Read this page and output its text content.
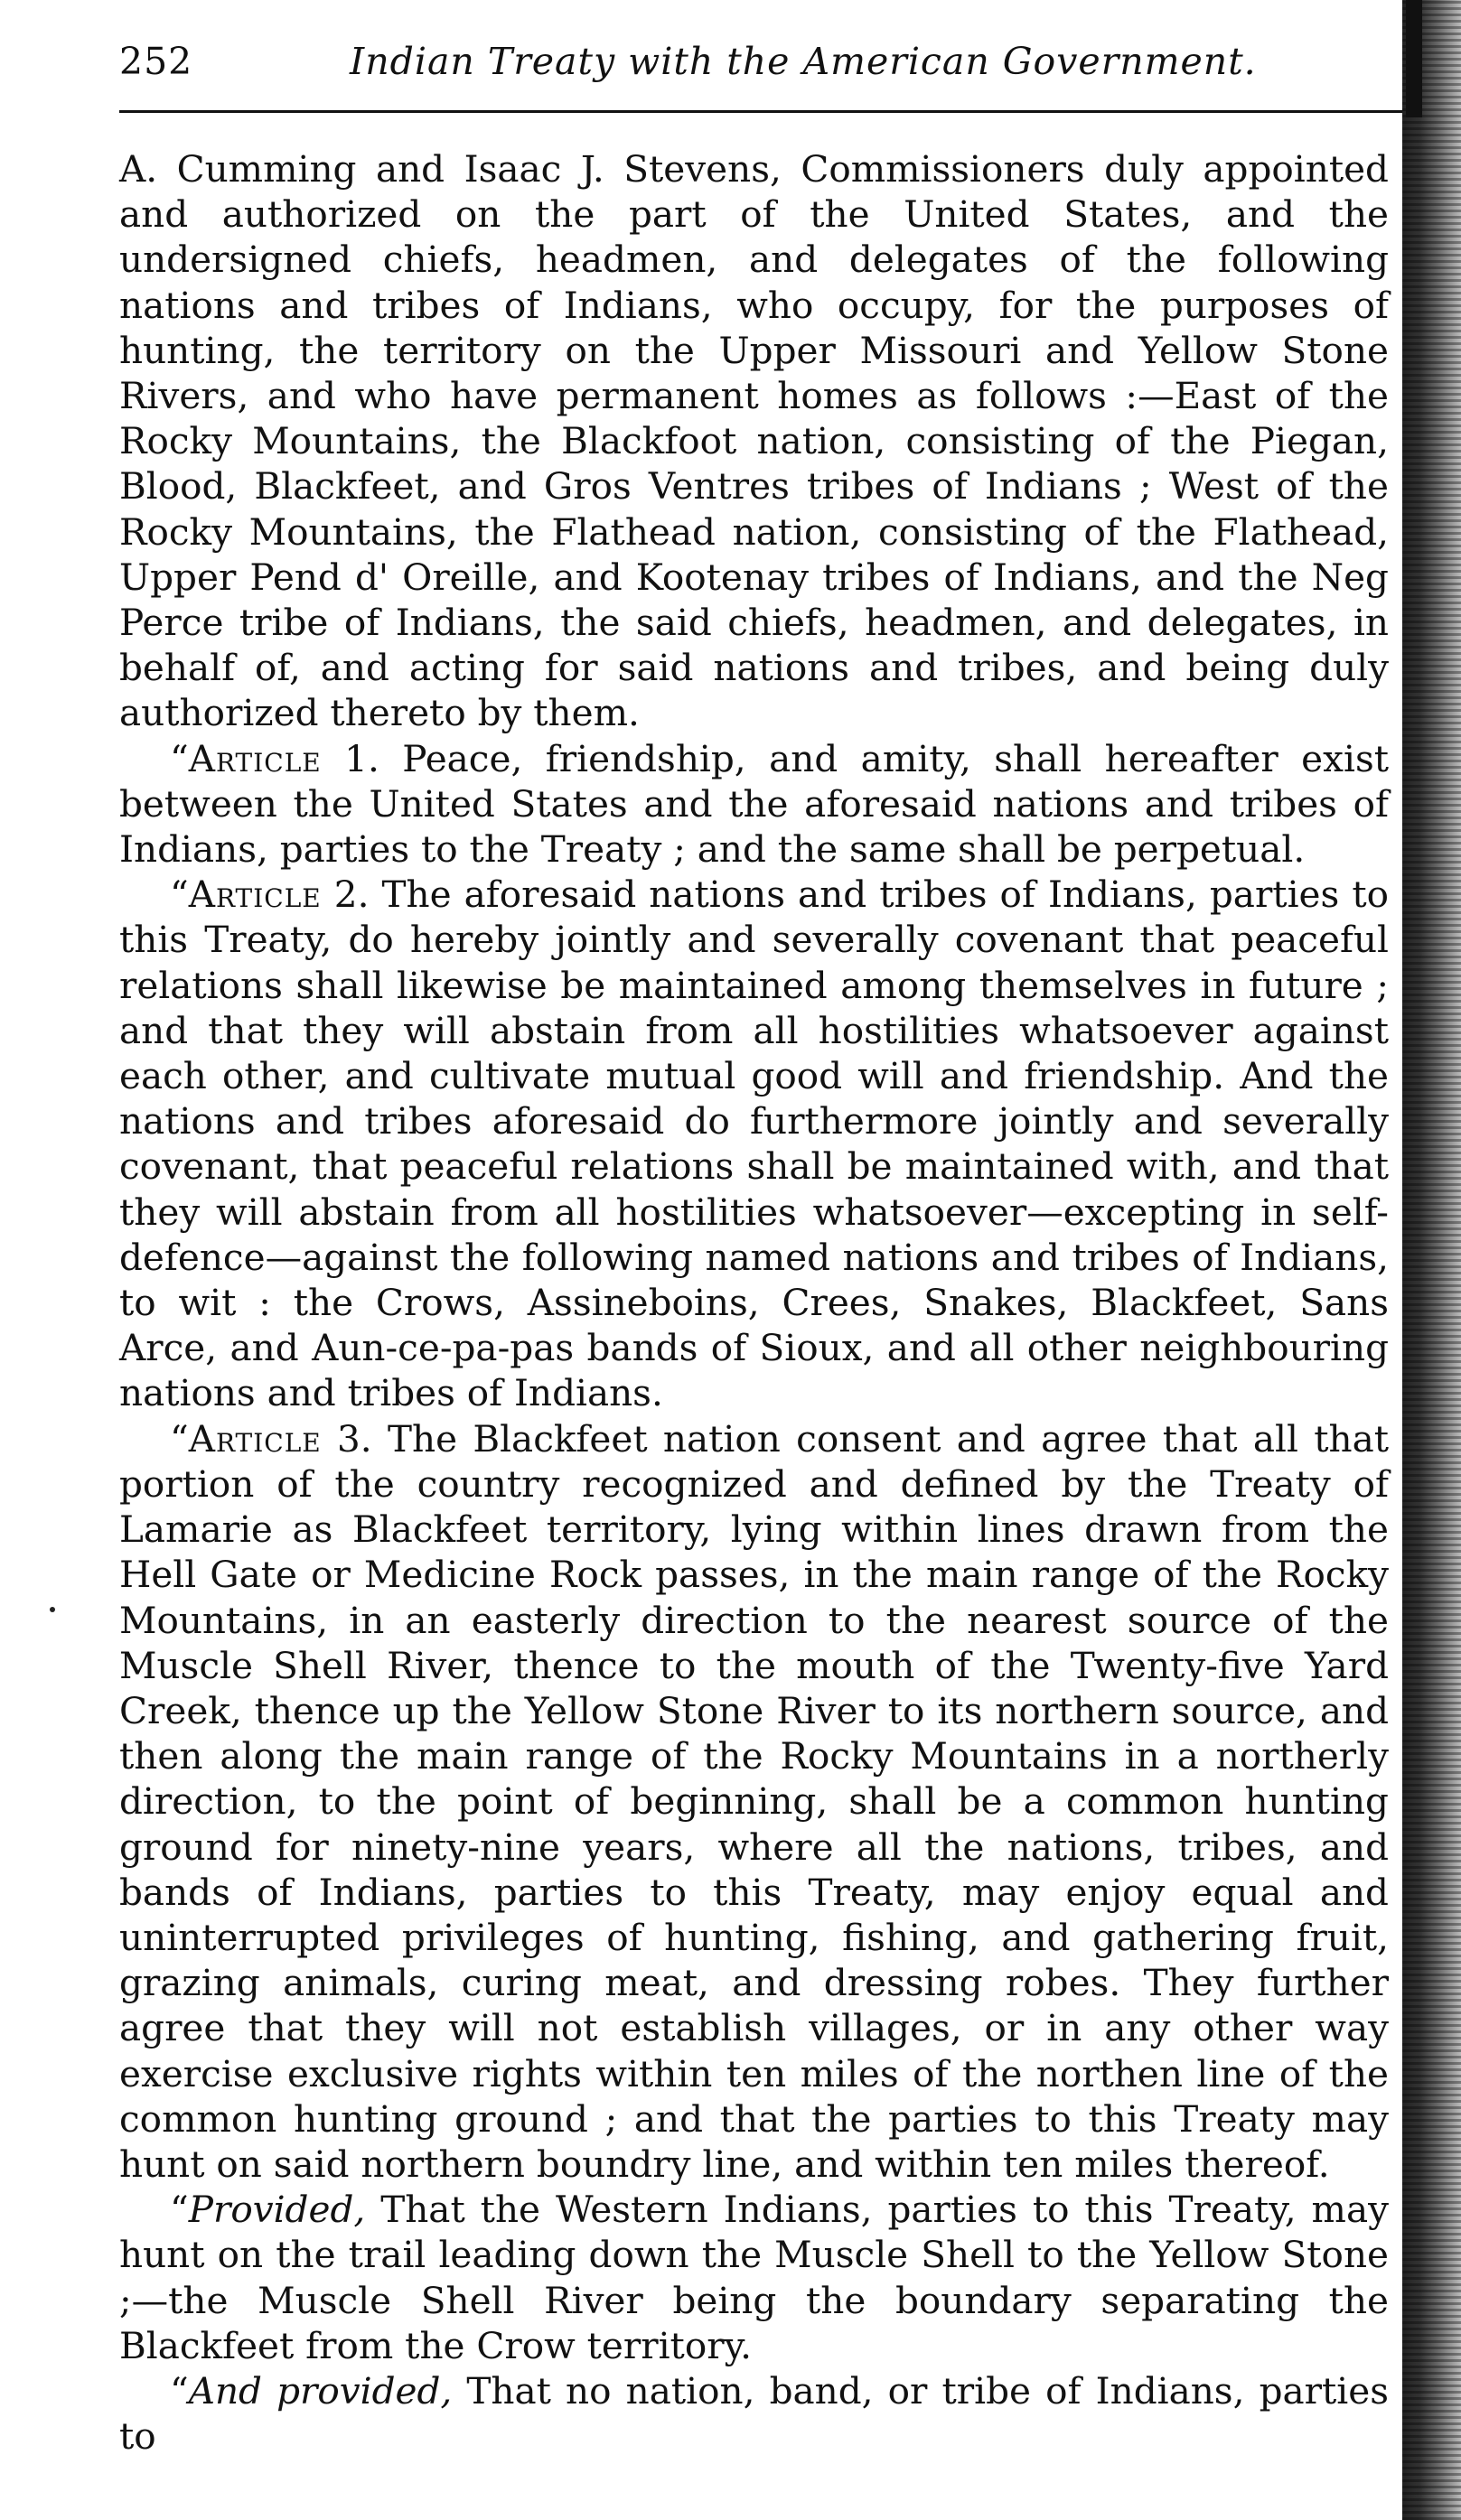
252	Indian Treaty with the American Government.

A. Cumming and Isaac J. Stevens, Commissioners duly appointed and authorized on the part of the United States, and the undersigned chiefs, headmen, and delegates of the following nations and tribes of Indians, who occupy, for the purposes of hunting, the territory on the Upper Missouri and Yellow Stone Rivers, and who have permanent homes as follows :—East of the Rocky Mountains, the Blackfoot nation, consisting of the Piegan, Blood, Blackfeet, and Gros Ventres tribes of Indians ; West of the Rocky Mountains, the Flathead nation, consisting of the Flathead, Upper Pend d' Oreille, and Kootenay tribes of Indians, and the Neg Perce tribe of Indians, the said chiefs, headmen, and delegates, in behalf of, and acting for said nations and tribes, and being duly authorized thereto by them.

“Article 1. Peace, friendship, and amity, shall hereafter exist between the United States and the aforesaid nations and tribes of Indians, parties to the Treaty ; and the same shall be perpetual.

“Article 2. The aforesaid nations and tribes of Indians, parties to this Treaty, do hereby jointly and severally covenant that peaceful relations shall likewise be maintained among themselves in future ; and that they will abstain from all hostilities whatsoever against each other, and cultivate mutual good will and friendship. And the nations and tribes aforesaid do furthermore jointly and severally covenant, that peaceful relations shall be maintained with, and that they will abstain from all hostilities whatsoever—excepting in self-defence—against the following named nations and tribes of Indians, to wit : the Crows, Assineboins, Crees, Snakes, Blackfeet, Sans Arce, and Aun-ce-pa-pas bands of Sioux, and all other neighbouring nations and tribes of Indians.

“Article 3. The Blackfeet nation consent and agree that all that portion of the country recognized and defined by the Treaty of Lamarie as Blackfeet territory, lying within lines drawn from the Hell Gate or Medicine Rock passes, in the main range of the Rocky Mountains, in an easterly direction to the nearest source of the Muscle Shell River, thence to the mouth of the Twenty-five Yard Creek, thence up the Yellow Stone River to its northern source, and then along the main range of the Rocky Mountains in a northerly direction, to the point of beginning, shall be a common hunting ground for ninety-nine years, where all the nations, tribes, and bands of Indians, parties to this Treaty, may enjoy equal and uninterrupted privileges of hunting, fishing, and gathering fruit, grazing animals, curing meat, and dressing robes. They further agree that they will not establish villages, or in any other way exercise exclusive rights within ten miles of the northen line of the common hunting ground ; and that the parties to this Treaty may hunt on said northern boundry line, and within ten miles thereof.

“Provided, That the Western Indians, parties to this Treaty, may hunt on the trail leading down the Muscle Shell to the Yellow Stone ;—the Muscle Shell River being the boundary separating the Blackfeet from the Crow territory.

“And provided, That no nation, band, or tribe of Indians, parties to
